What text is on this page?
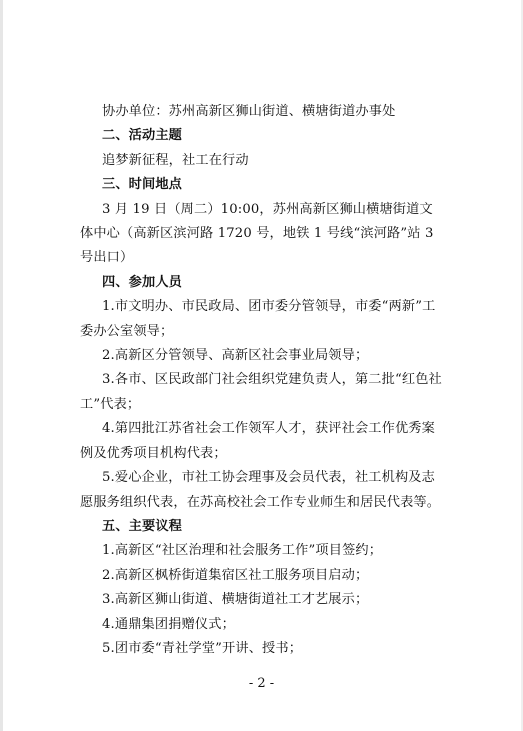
协办单位：苏州高新区狮山街道、横塘街道办事处

二、活动主题

追梦新征程，社工在行动

三、时间地点

3 月 19 日（周二）10:00，苏州高新区狮山横塘街道文体中心（高新区滨河路 1720 号，地铁 1 号线“滨河路”站 3 号出口）

四、参加人员

1.市文明办、市民政局、团市委分管领导，市委“两新”工委办公室领导；

2.高新区分管领导、高新区社会事业局领导；

3.各市、区民政部门社会组织党建负责人，第二批“红色社工”代表；

4.第四批江苏省社会工作领军人才，获评社会工作优秀案例及优秀项目机构代表；

5.爱心企业，市社工协会理事及会员代表，社工机构及志愿服务组织代表，在苏高校社会工作专业师生和居民代表等。

五、主要议程

1.高新区“社区治理和社会服务工作”项目签约；

2.高新区枫桥街道集宿区社工服务项目启动；

3.高新区狮山街道、横塘街道社工才艺展示；

4.通鼎集团捐赠仪式；

5.团市委“青社学堂”开讲、授书；

- 2 -
